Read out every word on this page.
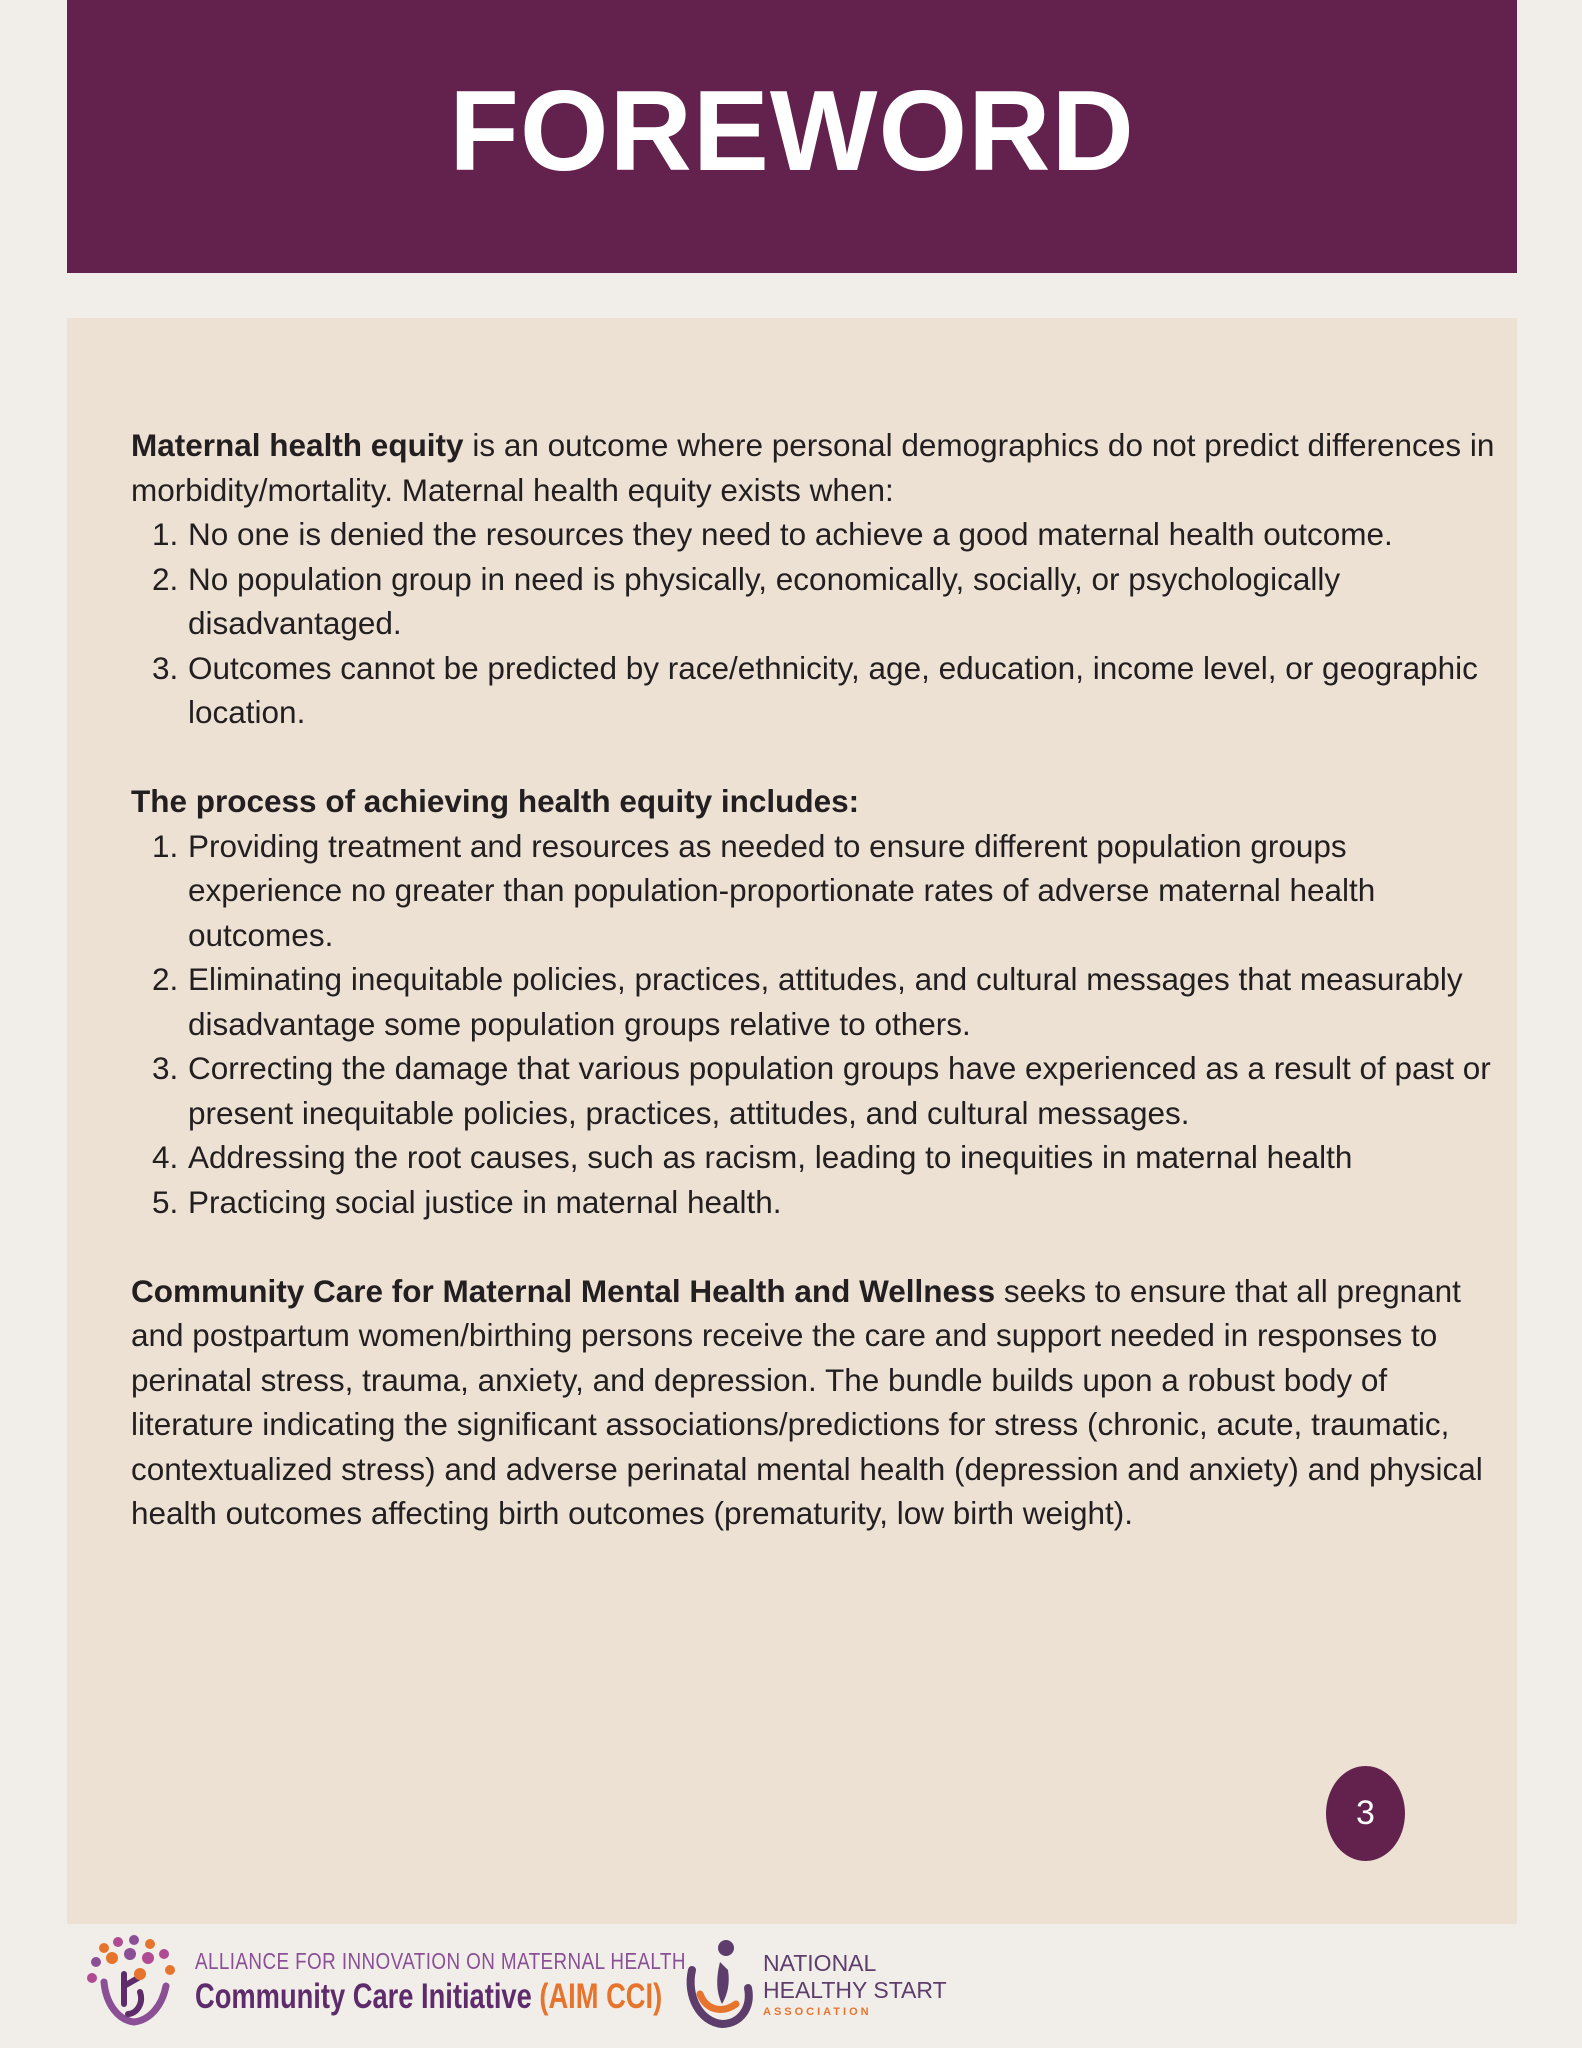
FOREWORD

Maternal health equity is an outcome where personal demographics do not predict differences in morbidity/mortality. Maternal health equity exists when:

1. No one is denied the resources they need to achieve a good maternal health outcome.
2. No population group in need is physically, economically, socially, or psychologically disadvantaged.
3. Outcomes cannot be predicted by race/ethnicity, age, education, income level, or geographic location.

The process of achieving health equity includes:

1. Providing treatment and resources as needed to ensure different population groups experience no greater than population-proportionate rates of adverse maternal health outcomes.
2. Eliminating inequitable policies, practices, attitudes, and cultural messages that measurably disadvantage some population groups relative to others.
3. Correcting the damage that various population groups have experienced as a result of past or present inequitable policies, practices, attitudes, and cultural messages.
4. Addressing the root causes, such as racism, leading to inequities in maternal health
5. Practicing social justice in maternal health.

Community Care for Maternal Mental Health and Wellness seeks to ensure that all pregnant and postpartum women/birthing persons receive the care and support needed in responses to perinatal stress, trauma, anxiety, and depression. The bundle builds upon a robust body of literature indicating the significant associations/predictions for stress (chronic, acute, traumatic, contextualized stress) and adverse perinatal mental health (depression and anxiety) and physical health outcomes affecting birth outcomes (prematurity, low birth weight).

3
ALLIANCE FOR INNOVATION ON MATERNAL HEALTH
Community Care Initiative (AIM CCI)
NATIONAL
HEALTHY START
ASSOCIATION
